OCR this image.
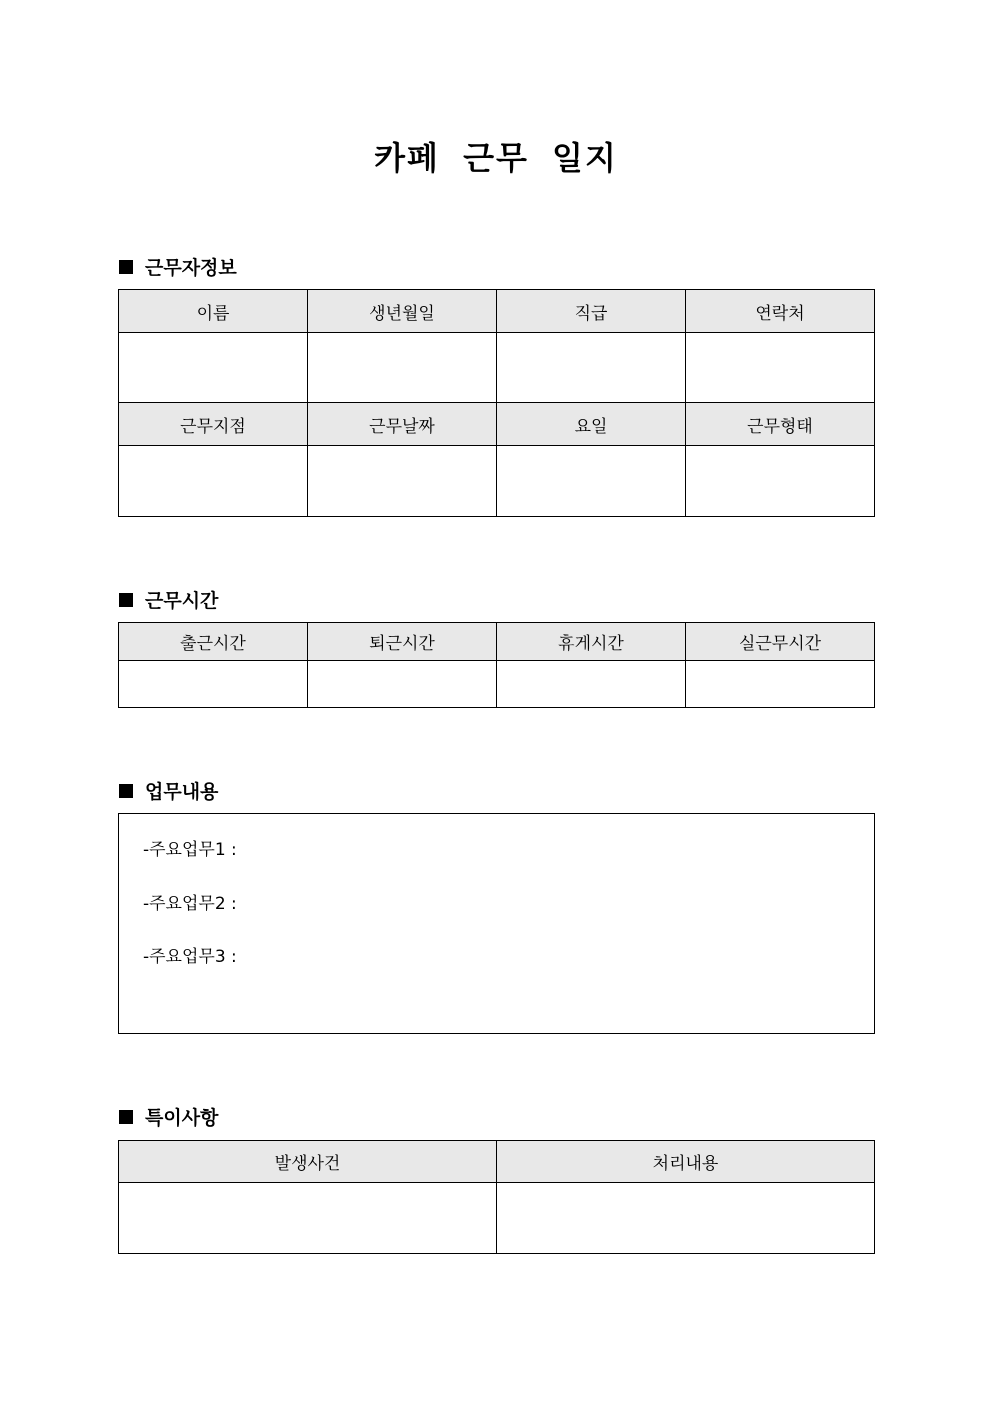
카페 근무 일지
근무자정보
이름	생년월일	직급	연락처

근무지점	근무날짜	요일	근무형태

근무시간
출근시간	퇴근시간	휴게시간	실근무시간

업무내용
-주요업무1 :
-주요업무2 :
-주요업무3 :
특이사항
발생사건	처리내용
